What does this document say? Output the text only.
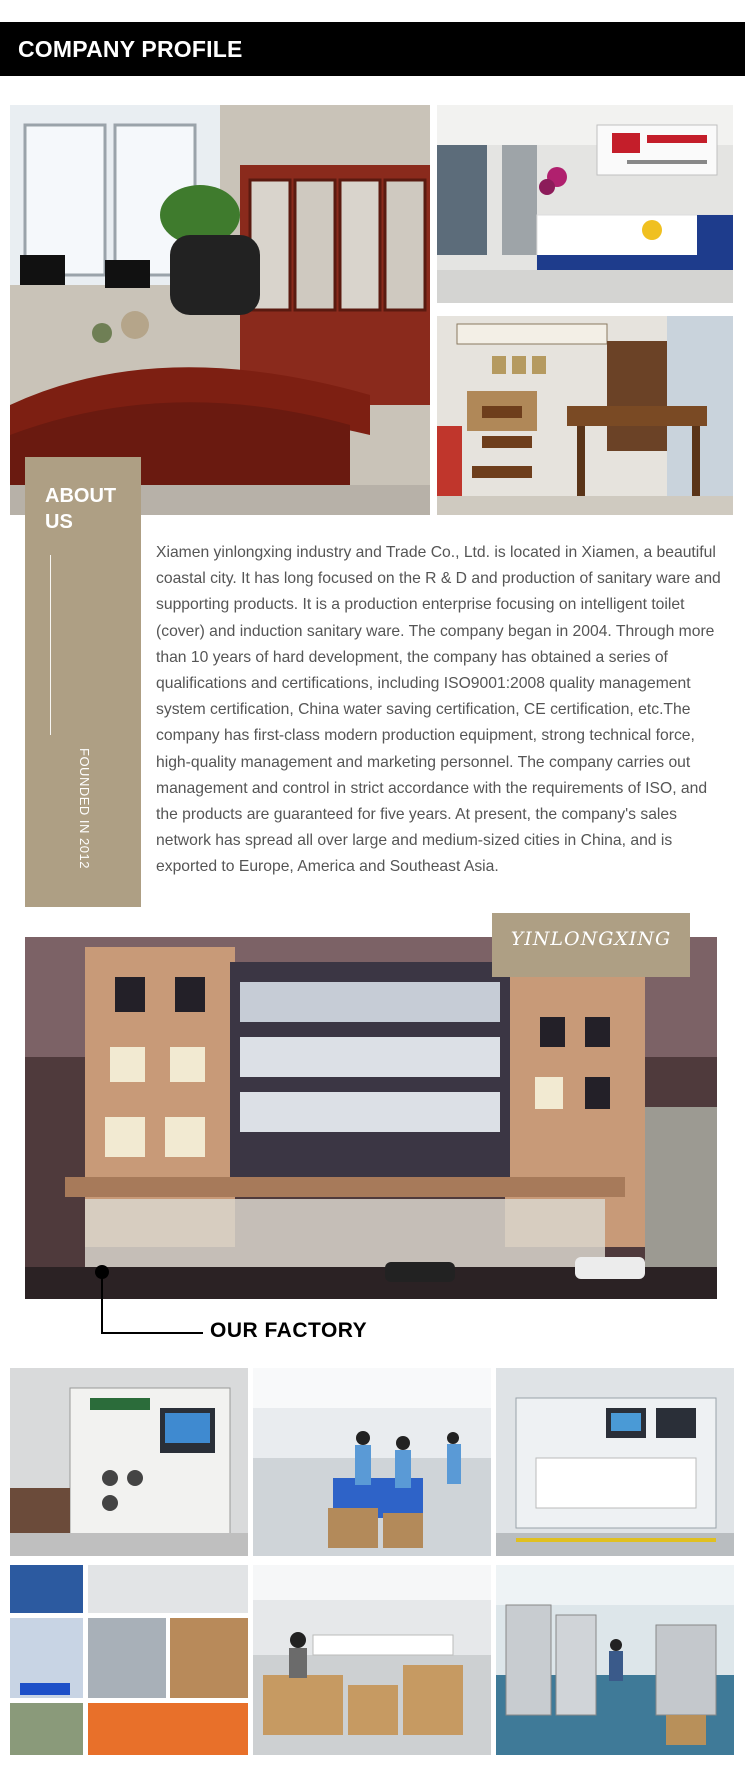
COMPANY PROFILE
ABOUT US
FOUNDED IN 2012
Xiamen yinlongxing industry and Trade Co., Ltd. is located in Xiamen, a beautiful coastal city. It has long focused on the R & D and production of sanitary ware and supporting products. It is a production enterprise focusing on intelligent toilet (cover) and induction sanitary ware. The company began in 2004. Through more than 10 years of hard development, the company has obtained a series of qualifications and certifications, including ISO9001:2008 quality management system certification, China water saving certification, CE certification, etc.The company has first-class modern production equipment, strong technical force, high-quality management and marketing personnel. The company carries out management and control in strict accordance with the requirements of ISO, and the products are guaranteed for five years. At present, the company's sales network has spread all over large and medium-sized cities in China, and is exported to Europe, America and Southeast Asia.
YINLONGXING
OUR FACTORY
